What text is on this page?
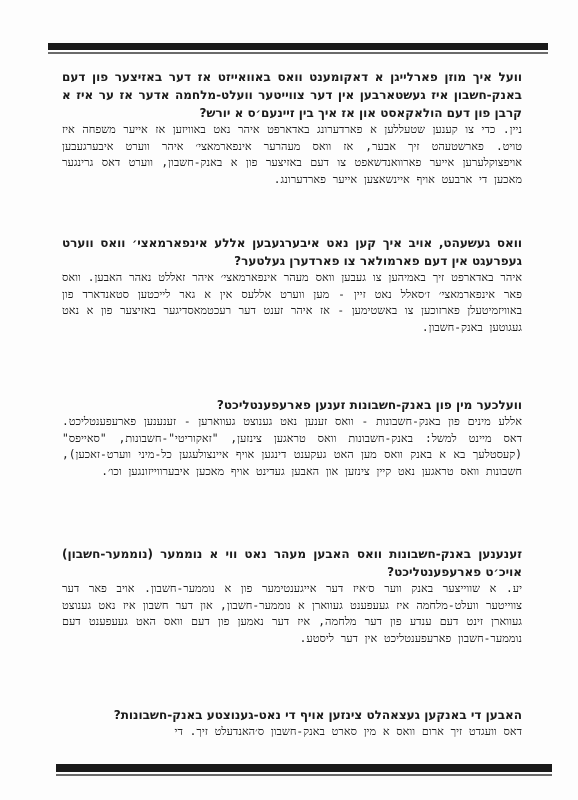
וועל איך מוזן פארלייגן א דאקומענט וואס באוואייזט אז דער באזיצער פון דעם באנק-חשבון איז געשטארבען אין דער צווייטער וועלט-מלחמה אדער אז ער איז א קרבן פון דעם הולאקאסט און אז איך בין זיינעם׳ס א יורש?

ניין. כדי צו קענען שטעללען א פארדערונג באדארפט איהר נאט באוויזען אז אייער משפחה איז טויט. פארשטעהט זיך אבער, אז וואס מעהרער אינפארמאצי׳ איהר ווערט איבערגעבען אויפצוקלערען אייער פארוואנדשאפט צו דעם באזיצער פון א באנק-חשבון, ווערט דאס גרינגער מאכען די ארבעט אויף איינשאצען אייער פארדערונג.

וואס געשעהט, אויב איך קען נאט איבערגעבען אללע אינפארמאצי׳ וואס ווערט געפרעגט אין דעם פארמולאר צו פארדערן געלטער?

איהר באדארפט זיך באמיהען צו געבען וואס מעהר אינפארמאצי׳ איהר זאללט נאהר האבען. וואס פאר אינפארמאצי׳ ז׳סאלל נאט זיין - מען ווערט אללעס אין א גאר לייכטען סטאנדארד פון באוויזמיטעלן פארזוכען צו באשטימען - אז איהר זענט דער רעכטמאסדיגער באזיצער פון א נאט געגוטען באנק-חשבון.

וועלכער מין פון באנק-חשבונות זענען פארעפענטליכט?

אללע מינים פון באנק-חשבונות - וואס זענען נאט גענוצט געווארען - זענענען פארעפענטליכט. דאס מיינט למשל: באנק-חשבונות וואס טראגען צינזען, "זאקוריטי"-חשבונות, "סאייפס" (קעסטלעך בא א באנק וואס מען האט געקענט דינגען אויף איינצולעגען כל-מיני ווערט-זאכען), חשבונות וואס טראגען נאט קיין צינזען און האבען געדינט אויף מאכען איבערווייזונגען וכו׳.

זענענען באנק-חשבונות וואס האבען מעהר נאט ווי א נוממער (נוממער-חשבון) אויכ׳ט פארעפענטליכט?

יע. א שווייצער באנק ווער ס׳איז דער אייגענטימער פון א נוממער-חשבון. אויב פאר דער צווייטער וועלט-מלחמה איז געעפענט געווארן א נוממער-חשבון, און דער חשבון איז נאט גענוצט געווארן זינט דעם ענדע פון דער מלחמה, איז דער נאמען פון דעם וואס האט געעפענט דעם נוממער-חשבון פארעפענטליכט אין דער ליסטע.

האבען די באנקען געצאהלט צינזען אויף די נאט-גענוצטע באנק-חשבונות?

דאס וועגדט זיך ארום וואס א מין סארט באנק-חשבון ס׳האנדעלט זיך. די
